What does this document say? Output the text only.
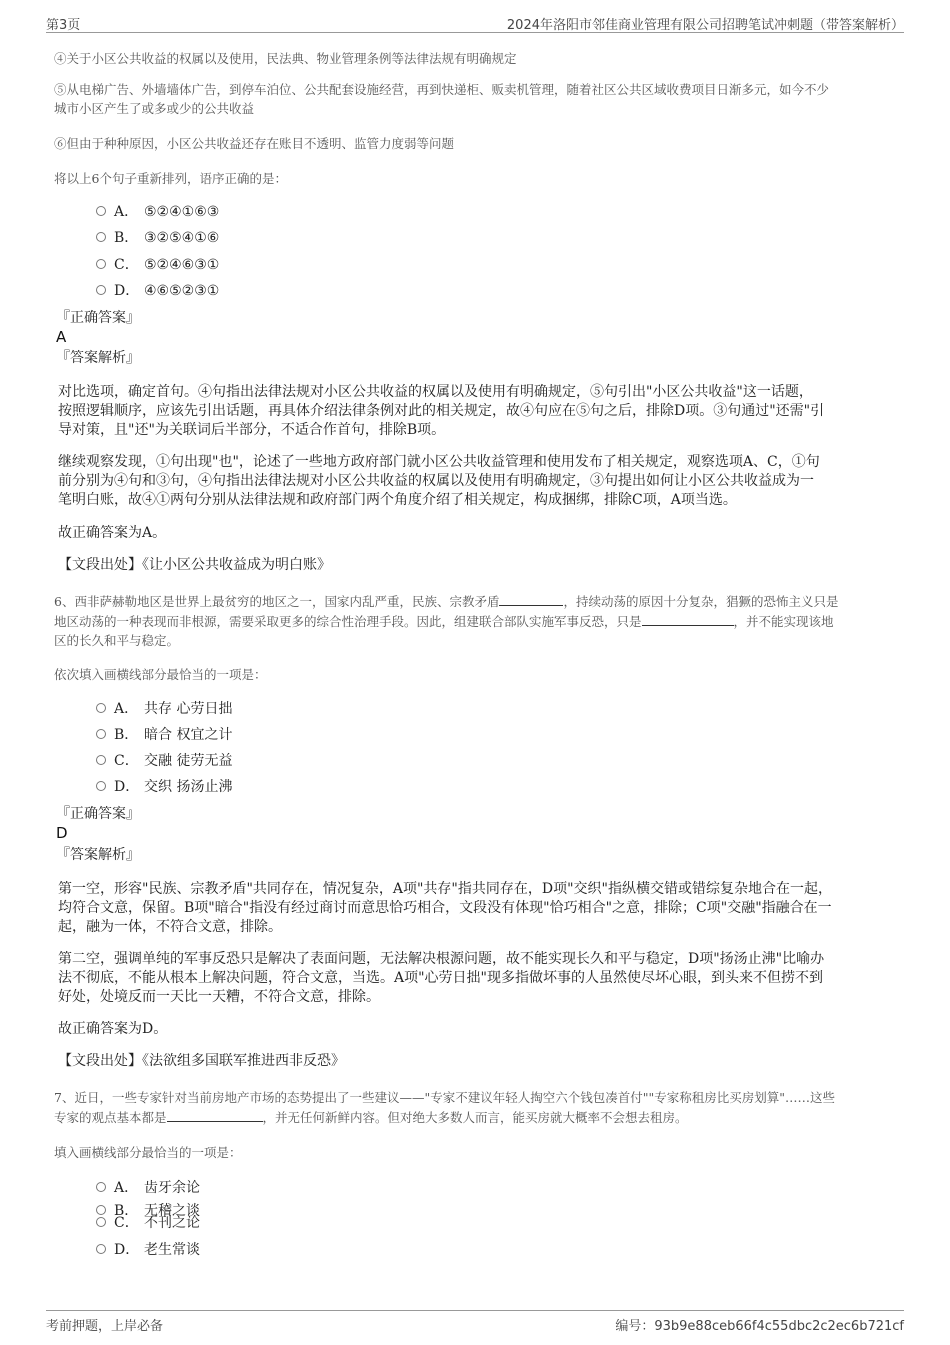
第3页	2024年洛阳市邻佳商业管理有限公司招聘笔试冲刺题（带答案解析）
④关于小区公共收益的权属以及使用，民法典、物业管理条例等法律法规有明确规定
⑤从电梯广告、外墙墙体广告，到停车泊位、公共配套设施经营，再到快递柜、贩卖机管理，随着社区公共区域收费项目日渐多元，如今不少
城市小区产生了或多或少的公共收益
⑥但由于种种原因，小区公共收益还存在账目不透明、监管力度弱等问题
将以上6个句子重新排列，语序正确的是：
A． ⑤②④①⑥③
B． ③②⑤④①⑥
C． ⑤②④⑥③①
D． ④⑥⑤②③①
『正确答案』
A
『答案解析』
对比选项，确定首句。④句指出法律法规对小区公共收益的权属以及使用有明确规定，⑤句引出"小区公共收益"这一话题，
按照逻辑顺序，应该先引出话题，再具体介绍法律条例对此的相关规定，故④句应在⑤句之后，排除D项。③句通过"还需"引
导对策，且"还"为关联词后半部分，不适合作首句，排除B项。
继续观察发现，①句出现"也"，论述了一些地方政府部门就小区公共收益管理和使用发布了相关规定，观察选项A、C，①句
前分别为④句和③句，④句指出法律法规对小区公共收益的权属以及使用有明确规定，③句提出如何让小区公共收益成为一
笔明白账，故④①两句分别从法律法规和政府部门两个角度介绍了相关规定，构成捆绑，排除C项，A项当选。
故正确答案为A。
【文段出处】《让小区公共收益成为明白账》
6、西非萨赫勒地区是世界上最贫穷的地区之一，国家内乱严重，民族、宗教矛盾	，持续动荡的原因十分复杂，猖獗的恐怖主义只是
地区动荡的一种表现而非根源，需要采取更多的综合性治理手段。因此，组建联合部队实施军事反恐，只是	，并不能实现该地
区的长久和平与稳定。
依次填入画横线部分最恰当的一项是：
A． 共存 心劳日拙
B． 暗合 权宜之计
C． 交融 徒劳无益
D． 交织 扬汤止沸
『正确答案』
D
『答案解析』
第一空，形容"民族、宗教矛盾"共同存在，情况复杂，A项"共存"指共同存在，D项"交织"指纵横交错或错综复杂地合在一起，
均符合文意，保留。B项"暗合"指没有经过商讨而意思恰巧相合，文段没有体现"恰巧相合"之意，排除；C项"交融"指融合在一
起，融为一体，不符合文意，排除。
第二空，强调单纯的军事反恐只是解决了表面问题，无法解决根源问题，故不能实现长久和平与稳定，D项"扬汤止沸"比喻办
法不彻底，不能从根本上解决问题，符合文意，当选。A项"心劳日拙"现多指做坏事的人虽然使尽坏心眼，到头来不但捞不到
好处，处境反而一天比一天糟，不符合文意，排除。
故正确答案为D。
【文段出处】《法欲组多国联军推进西非反恐》
7、近日，一些专家针对当前房地产市场的态势提出了一些建议——"专家不建议年轻人掏空六个钱包凑首付""专家称租房比买房划算"……这些
专家的观点基本都是	，并无任何新鲜内容。但对绝大多数人而言，能买房就大概率不会想去租房。
填入画横线部分最恰当的一项是：
A． 齿牙余论
B． 无稽之谈
C． 不刊之论
D． 老生常谈
考前押题，上岸必备	编号：93b9e88ceb66f4c55dbc2c2ec6b721cf
